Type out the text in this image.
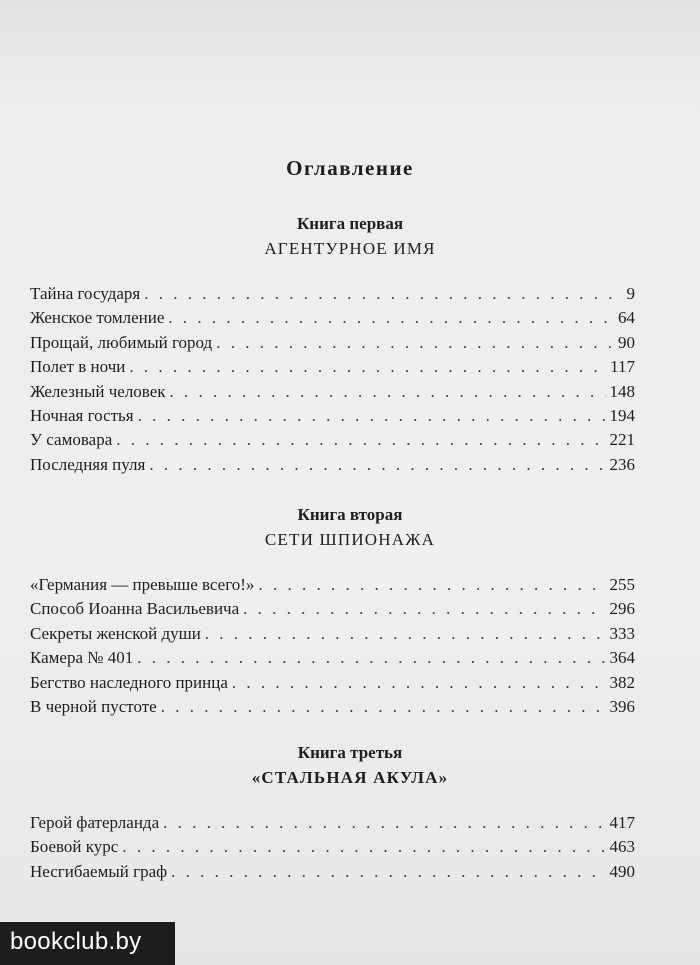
Оглавление
Книга первая
АГЕНТУРНОЕ ИМЯ
Тайна государя . . .	9
Женское томление . . .	64
Прощай, любимый город . . .	90
Полет в ночи . . .	117
Железный человек . . .	148
Ночная гостья . . .	194
У самовара . . .	221
Последняя пуля . . .	236
Книга вторая
СЕТИ ШПИОНАЖА
«Германия — превыше всего!» . . .	255
Способ Иоанна Васильевича . . .	296
Секреты женской души . . .	333
Камера № 401 . . .	364
Бегство наследного принца . . .	382
В черной пустоте . . .	396
Книга третья
«СТАЛЬНАЯ АКУЛА»
Герой фатерланда . . .	417
Боевой курс . . .	463
Несгибаемый граф . . .	490
bookclub.by
